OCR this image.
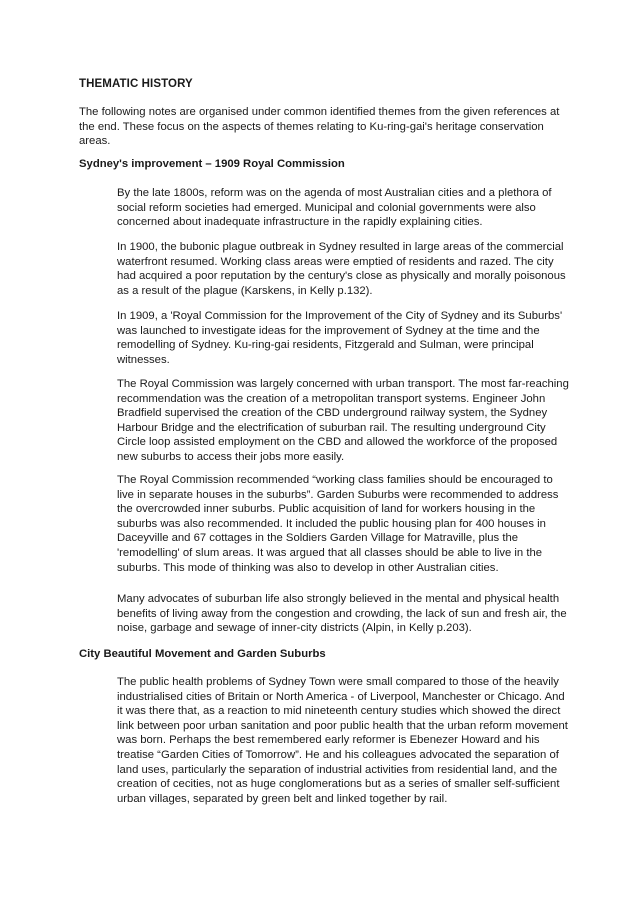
THEMATIC HISTORY

The following notes are organised under common identified themes from the given references at the end. These focus on the aspects of themes relating to Ku-ring-gai's heritage conservation areas.

Sydney's improvement – 1909 Royal Commission

By the late 1800s, reform was on the agenda of most Australian cities and a plethora of social reform societies had emerged. Municipal and colonial governments were also concerned about inadequate infrastructure in the rapidly explaining cities.

In 1900, the bubonic plague outbreak in Sydney resulted in large areas of the commercial waterfront resumed. Working class areas were emptied of residents and razed. The city had acquired a poor reputation by the century's close as physically and morally poisonous as a result of the plague (Karskens, in Kelly p.132).

In 1909, a 'Royal Commission for the Improvement of the City of Sydney and its Suburbs' was launched to investigate ideas for the improvement of Sydney at the time and the remodelling of Sydney. Ku-ring-gai residents, Fitzgerald and Sulman, were principal witnesses.

The Royal Commission was largely concerned with urban transport. The most far-reaching recommendation was the creation of a metropolitan transport systems. Engineer John Bradfield supervised the creation of the CBD underground railway system, the Sydney Harbour Bridge and the electrification of suburban rail. The resulting underground City Circle loop assisted employment on the CBD and allowed the workforce of the proposed new suburbs to access their jobs more easily.

The Royal Commission recommended “working class families should be encouraged to live in separate houses in the suburbs”. Garden Suburbs were recommended to address the overcrowded inner suburbs. Public acquisition of land for workers housing in the suburbs was also recommended. It included the public housing plan for 400 houses in Daceyville and 67 cottages in the Soldiers Garden Village for Matraville, plus the 'remodelling' of slum areas. It was argued that all classes should be able to live in the suburbs. This mode of thinking was also to develop in other Australian cities.

Many advocates of suburban life also strongly believed in the mental and physical health benefits of living away from the congestion and crowding, the lack of sun and fresh air, the noise, garbage and sewage of inner-city districts (Alpin, in Kelly p.203).

City Beautiful Movement and Garden Suburbs

The public health problems of Sydney Town were small compared to those of the heavily industrialised cities of Britain or North America - of Liverpool, Manchester or Chicago. And it was there that, as a reaction to mid nineteenth century studies which showed the direct link between poor urban sanitation and poor public health that the urban reform movement was born. Perhaps the best remembered early reformer is Ebenezer Howard and his treatise “Garden Cities of Tomorrow”. He and his colleagues advocated the separation of land uses, particularly the separation of industrial activities from residential land, and the creation of cecities, not as huge conglomerations but as a series of smaller self-sufficient urban villages, separated by green belt and linked together by rail.
